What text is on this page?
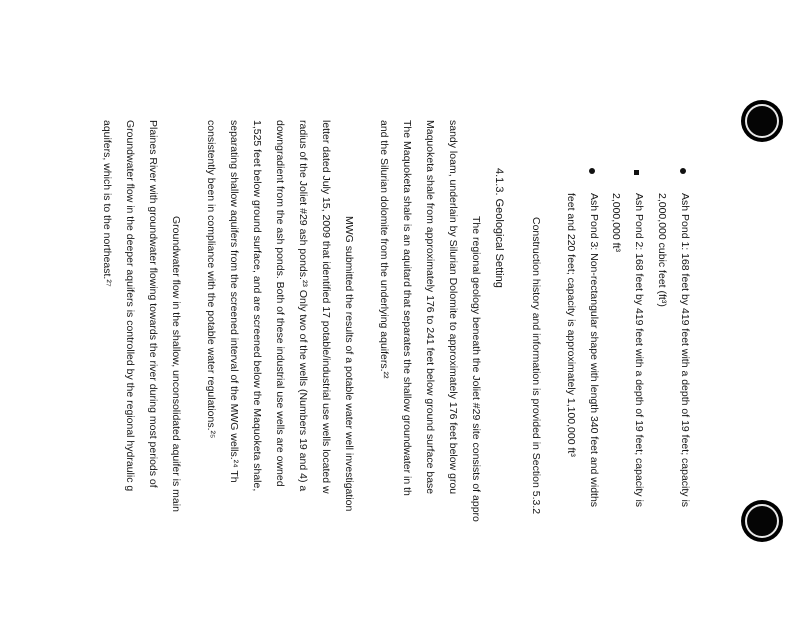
Ash Pond 1: 168 feet by 419 feet with a depth of 19 feet; capacity is
2,000,000 cubic feet (ft³)
Ash Pond 2: 168 feet by 419 feet with a depth of 19 feet; capacity is
2,000,000 ft³
Ash Pond 3: Non-rectangular shape with length 340 feet and widths
feet and 220 feet; capacity is approximately 1,100,000 ft³
Construction history and information is provided in Section 5.3.2
4.1.3. Geological Setting
The regional geology beneath the Joliet #29 site consists of appro
sandy loam, underlain by Silurian Dolomite to approximately 176 feet below grou
Maquoketa shale from approximately 176 to 241 feet below ground surface base
The Maquoketa shale is an aquitard that separates the shallow groundwater in th
and the Silurian dolomite from the underlying aquifers.²²
MWG submitted the results of a potable water well investigation
letter dated July 15, 2009 that identified 17 potable/industrial use wells located w
radius of the Joliet #29 ash ponds.²³ Only two of the wells (Numbers 19 and 4) a
downgradient from the ash ponds. Both of these industrial use wells are owned
1,525 feet below ground surface, and are screened below the Maquoketa shale,
separating shallow aquifers from the screened interval of the MWG wells.²⁴ Th
consistently been in compliance with the potable water regulations.²⁵
Groundwater flow in the shallow, unconsolidated aquifer is main
Plaines River with groundwater flowing towards the river during most periods of
Groundwater flow in the deeper aquifers is controlled by the regional hydraulic g
aquifers, which is to the northeast.²⁷
